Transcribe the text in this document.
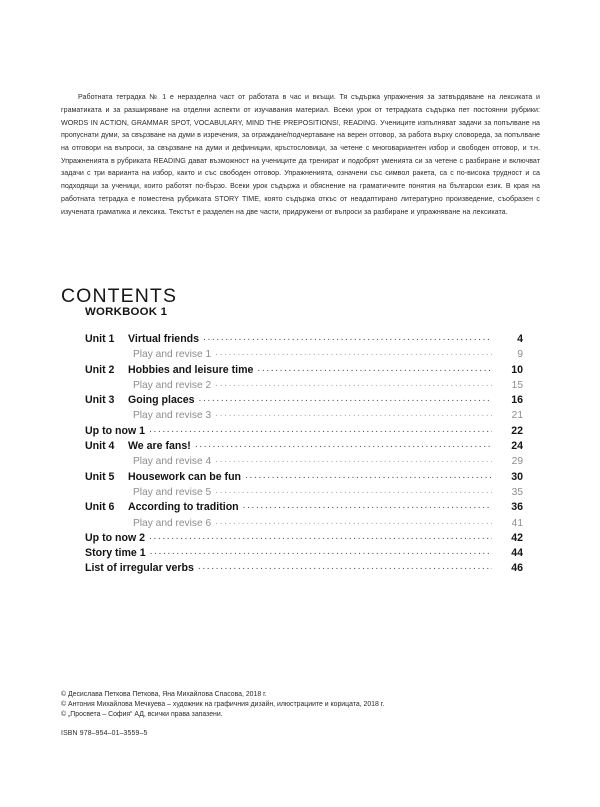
Работната тетрадка № 1 е неразделна част от работата в час и вкъщи. Тя съдържа упражнения за затвърдяване на лексиката и граматиката и за разширяване на отделни аспекти от изучавания материал. Всеки урок от тетрадката съдържа пет постоянни рубрики: WORDS IN ACTION, GRAMMAR SPOT, VOCABULARY, MIND THE PREPOSITIONS!, READING. Учениците изпълняват задачи за попълване на пропуснати думи, за свързване на думи в изречения, за ограждане/подчертаване на верен отговор, за работа върху словореда, за попълване на отговори на въпроси, за свързване на думи и дефиниции, кръстословици, за четене с многовариантен избор и свободен отговор, и т.н. Упражненията в рубриката READING дават възможност на учениците да тренират и подобрят уменията си за четене с разбиране и включват задачи с три варианта на избор, както и със свободен отговор. Упражненията, означени със символ ракета, са с по-висока трудност и са подходящи за ученици, които работят по-бързо. Всеки урок съдържа и обяснение на граматичните понятия на български език. В края на работната тетрадка е поместена рубриката STORY TIME, която съдържа откъс от неадаптирано литературно произведение, съобразен с изучената граматика и лексика. Текстът е разделен на две части, придружени от въпроси за разбиране и упражняване на лексиката.

CONTENTS
WORKBOOK 1
Unit 1	Virtual friends .....	4
Play and revise 1 .....	9
Unit 2	Hobbies and leisure time .....	10
Play and revise 2 .....	15
Unit 3	Going places .....	16
Play and revise 3 .....	21
Up to now 1 .....	22
Unit 4	We are fans! .....	24
Play and revise 4 .....	29
Unit 5	Housework can be fun .....	30
Play and revise 5 .....	35
Unit 6	According to tradition .....	36
Play and revise 6 .....	41
Up to now 2 .....	42
Story time 1 .....	44
List of irregular verbs .....	46
© Десислава Петкова Петкова, Яна Михайлова Спасова, 2018 г.
© Антония Михайлова Мечкуева – художник на графичния дизайн, илюстрациите и корицата, 2018 г.
© „Просвета – София“ АД, всички права запазени.
ISBN 978–954–01–3559–5
